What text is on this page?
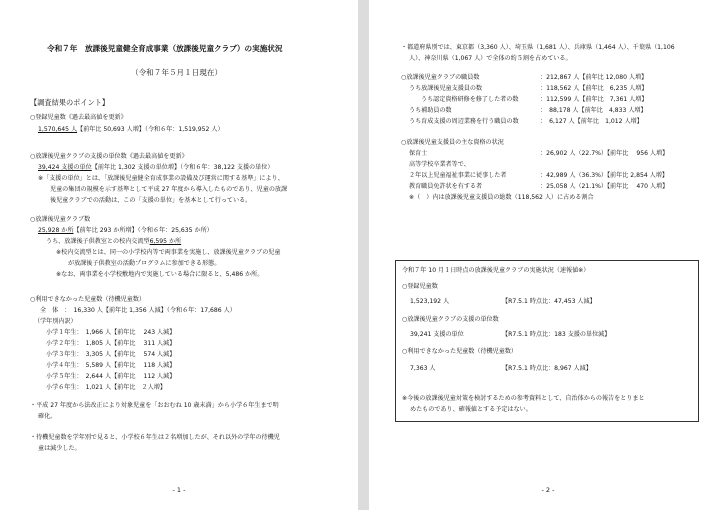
令和７年　放課後児童健全育成事業（放課後児童クラブ）の実施状況
（令和７年５月１日現在）
【調査結果のポイント】
○登録児童数《過去最高値を更新》
1,570,645 人【前年比 50,693 人増】（令和６年：1,519,952 人）
○放課後児童クラブの支援の単位数《過去最高値を更新》
39,424 支援の単位【前年比 1,302 支援の単位増】（令和６年：38,122 支援の単位）
※「支援の単位」とは、「放課後児童健全育成事業の設備及び運営に関する基準」により、
児童の集団の規模を示す基準として平成 27 年度から導入したものであり、児童の放課
後児童クラブでの活動は、この「支援の単位」を基本として行っている。
○放課後児童クラブ数
25,928 か所【前年比 293 か所増】（令和６年：25,635 か所）
うち、放課後子供教室との校内交流型6,595 か所
※校内交流型とは、同一の小学校内等で両事業を実施し、放課後児童クラブの児童
が放課後子供教室の活動プログラムに参加できる形態。
※なお、両事業を小学校敷地内で実施している場合に限ると、5,486 か所。
○利用できなかった児童数（待機児童数）
全　体　：　16,330 人【前年比 1,356 人減】（令和６年：17,686 人）
（学年別内訳）
小学１年生：　1,966 人【前年比　 243 人減】
小学２年生：　1,805 人【前年比　 311 人減】
小学３年生：　3,305 人【前年比　 574 人減】
小学４年生：　5,589 人【前年比　 118 人減】
小学５年生：　2,644 人【前年比　 112 人減】
小学６年生：　1,021 人【前年比　２人増】
・平成 27 年度から法改正により対象児童を「おおむね 10 歳未満」から小学６年生まで明
確化。
・待機児童数を学年別で見ると、小学校６年生は２名増加したが、それ以外の学年の待機児
童は減少した。
- 1 -
・都道府県別では、東京都（3,360 人）、埼玉県（1,681 人）、兵庫県（1,464 人）、千葉県（1,106
人）、神奈川県（1,067 人）で全体の約５割を占めている。
○放課後児童クラブの職員数	：212,867 人【前年比 12,080 人増】
うち放課後児童支援員の数	：118,562 人【前年比　6,235 人増】
うち認定資格研修を修了した者の数	：112,599 人【前年比　7,361 人増】
うち補助員の数	：　88,178 人【前年比　4,833 人増】
うち育成支援の周辺業務を行う職員の数	：　6,127 人【前年比　1,012 人増】
○放課後児童支援員の主な資格の状況
保育士	：26,902 人（22.7%）【前年比　 956 人増】
高等学校卒業者等で、
２年以上児童福祉事業に従事した者	：42,989 人（36.3%）【前年比 2,854 人増】
教育職員免許状を有する者	：25,058 人（21.1%）【前年比　 470 人増】
※（　）内は放課後児童支援員の総数（118,562 人）に占める割合
令和７年 10 月１日時点の放課後児童クラブの実施状況（速報値※）
○登録児童数
1,523,192 人	【R7.5.1 時点比：47,453 人減】
○放課後児童クラブの支援の単位数
39,241 支援の単位	【R7.5.1 時点比：183 支援の単位減】
○利用できなかった児童数（待機児童数）
7,363 人	【R7.5.1 時点比：8,967 人減】
※今後の放課後児童対策を検討するための参考資料として、自治体からの報告をとりまと
めたものであり、確報値とする予定はない。
- 2 -
